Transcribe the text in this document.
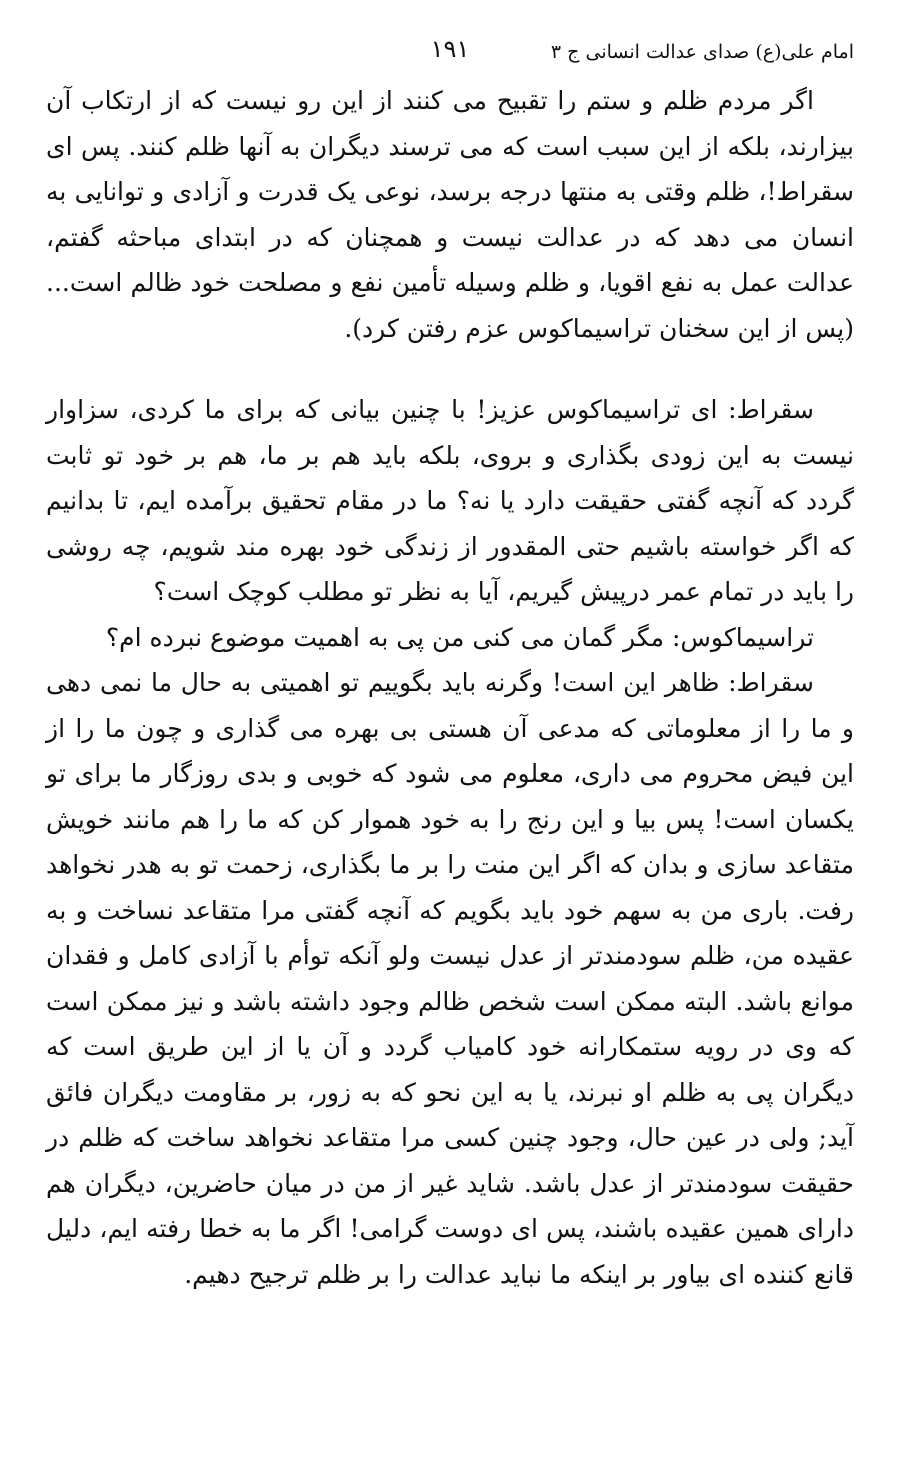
امام علی(ع) صدای عدالت انسانی ج ۳
۱۹۱

اگر مردم ظلم و ستم را تقبیح می کنند از این رو نیست که از ارتکاب آن بیزارند، بلکه از این سبب است که می ترسند دیگران به آنها ظلم کنند. پس ای سقراط!، ظلم وقتی به منتها درجه برسد، نوعی یک قدرت و آزادی و توانایی به انسان می دهد که در عدالت نیست و همچنان که در ابتدای مباحثه گفتم، عدالت عمل به نفع اقویا، و ظلم وسیله تأمین نفع و مصلحت خود ظالم است... (پس از این سخنان تراسیماکوس عزم رفتن کرد).

سقراط: ای تراسیماکوس عزیز! با چنین بیانی که برای ما کردی، سزاوار نیست به این زودی بگذاری و بروی، بلکه باید هم بر ما، هم بر خود تو ثابت گردد که آنچه گفتی حقیقت دارد یا نه؟ ما در مقام تحقیق برآمده ایم، تا بدانیم که اگر خواسته باشیم حتی المقدور از زندگی خود بهره مند شویم، چه روشی را باید در تمام عمر درپیش گیریم، آیا به نظر تو مطلب کوچک است؟

تراسیماکوس: مگر گمان می کنی من پی به اهمیت موضوع نبرده ام؟

سقراط: ظاهر این است! وگرنه باید بگوییم تو اهمیتی به حال ما نمی دهی و ما را از معلوماتی که مدعی آن هستی بی بهره می گذاری و چون ما را از این فیض محروم می داری، معلوم می شود که خوبی و بدی روزگار ما برای تو یکسان است! پس بیا و این رنج را به خود هموار کن که ما را هم مانند خویش متقاعد سازی و بدان که اگر این منت را بر ما بگذاری، زحمت تو به هدر نخواهد رفت. باری من به سهم خود باید بگویم که آنچه گفتی مرا متقاعد نساخت و به عقیده من، ظلم سودمندتر از عدل نیست ولو آنکه توأم با آزادی کامل و فقدان موانع باشد. البته ممکن است شخص ظالم وجود داشته باشد و نیز ممکن است که وی در رویه ستمکارانه خود کامیاب گردد و آن یا از این طریق است که دیگران پی به ظلم او نبرند، یا به این نحو که به زور، بر مقاومت دیگران فائق آید; ولی در عین حال، وجود چنین کسی مرا متقاعد نخواهد ساخت که ظلم در حقیقت سودمندتر از عدل باشد. شاید غیر از من در میان حاضرین، دیگران هم دارای همین عقیده باشند، پس ای دوست گرامی! اگر ما به خطا رفته ایم، دلیل قانع کننده ای بیاور بر اینکه ما نباید عدالت را بر ظلم ترجیح دهیم.
